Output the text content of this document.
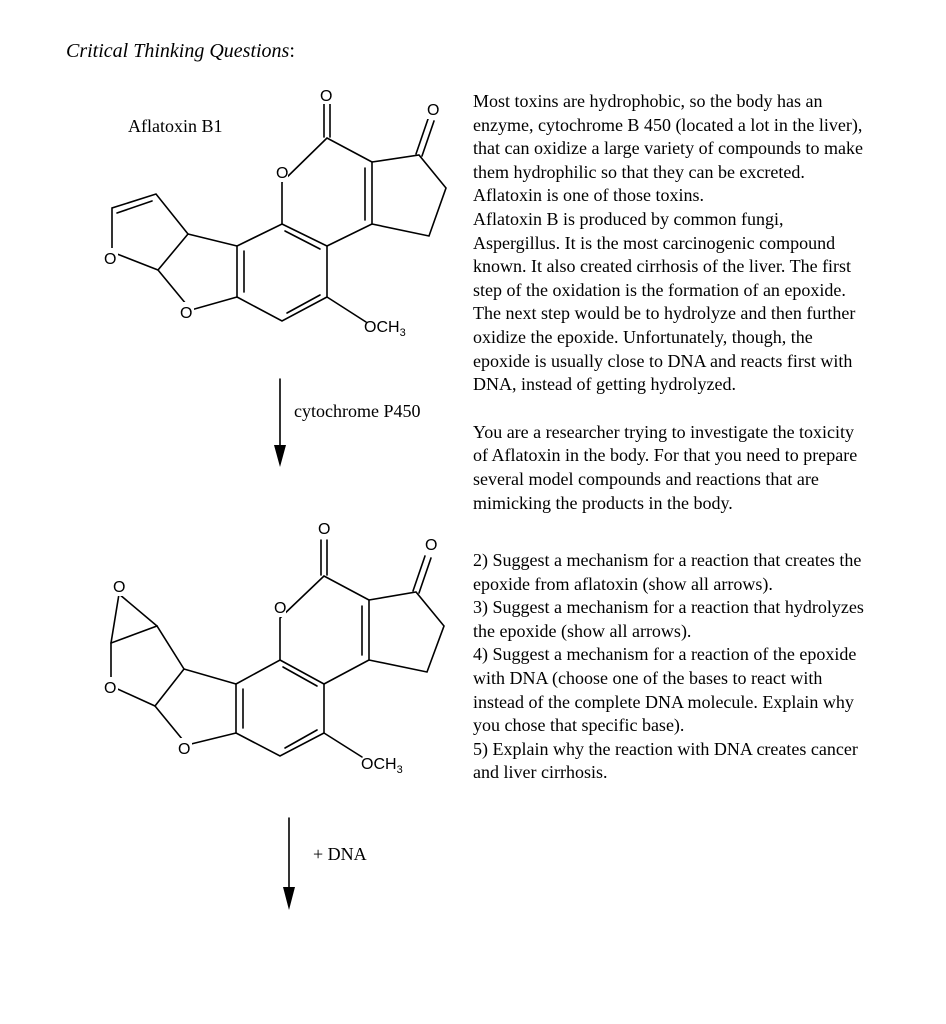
Critical Thinking Questions:
Aflatoxin B1
O
O
O
O
O
$OCH_3$
O
O
O
O
O
O
$OCH_3$
cytochrome P450
+ DNA

Most toxins are hydrophobic, so the body has an enzyme, cytochrome B 450 (located a lot in the liver), that can oxidize a large variety of compounds to make them hydrophilic so that they can be excreted. Aflatoxin is one of those toxins.

Aflatoxin B is produced by common fungi, Aspergillus. It is the most carcinogenic compound known. It also created cirrhosis of the liver. The first step of the oxidation is the formation of an epoxide. The next step would be to hydrolyze and then further oxidize the epoxide. Unfortunately, though, the epoxide is usually close to DNA and reacts first with DNA, instead of getting hydrolyzed.

You are a researcher trying to investigate the toxicity of Aflatoxin in the body. For that you need to prepare several model compounds and reactions that are mimicking the products in the body.

2) Suggest a mechanism for a reaction that creates the epoxide from aflatoxin (show all arrows).

3) Suggest a mechanism for a reaction that hydrolyzes the epoxide (show all arrows).

4) Suggest a mechanism for a reaction of the epoxide with DNA (choose one of the bases to react with instead of the complete DNA molecule. Explain why you chose that specific base).

5) Explain why the reaction with DNA creates cancer and liver cirrhosis.
